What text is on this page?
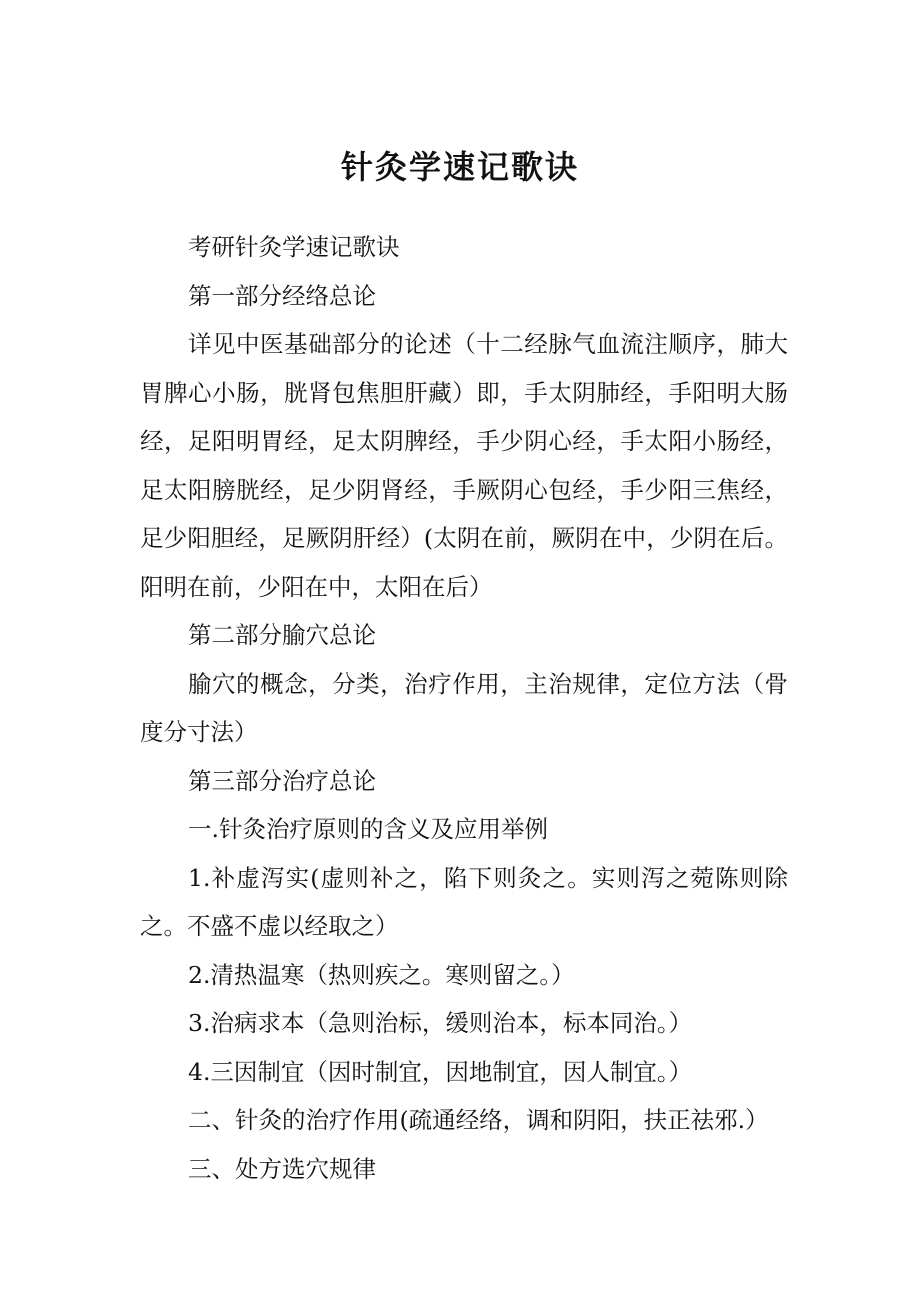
针灸学速记歌诀

考研针灸学速记歌诀

第一部分经络总论

详见中医基础部分的论述（十二经脉气血流注顺序，肺大胃脾心小肠，胱肾包焦胆肝藏）即，手太阴肺经，手阳明大肠经，足阳明胃经，足太阴脾经，手少阴心经，手太阳小肠经，足太阳膀胱经，足少阴肾经，手厥阴心包经，手少阳三焦经，足少阳胆经，足厥阴肝经）(太阴在前，厥阴在中，少阴在后。阳明在前，少阳在中，太阳在后）

第二部分腧穴总论

腧穴的概念，分类，治疗作用，主治规律，定位方法（骨度分寸法）

第三部分治疗总论

一.针灸治疗原则的含义及应用举例

1.补虚泻实(虚则补之，陷下则灸之。实则泻之菀陈则除之。不盛不虚以经取之）

2.清热温寒（热则疾之。寒则留之。）

3.治病求本（急则治标，缓则治本，标本同治。）

4.三因制宜（因时制宜，因地制宜，因人制宜。）

二、针灸的治疗作用(疏通经络，调和阴阳，扶正祛邪.）

三、处方选穴规律
